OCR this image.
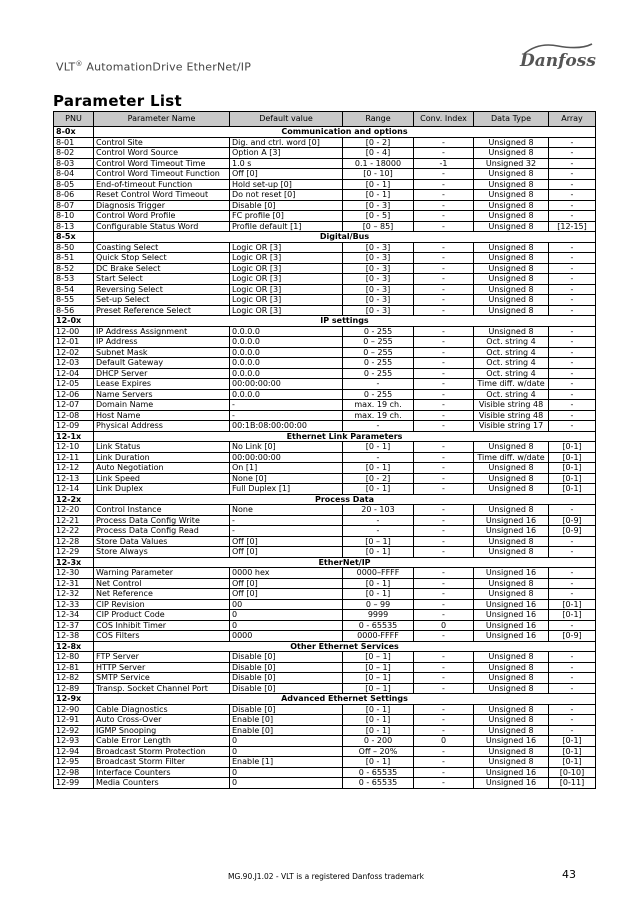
VLT® AutomationDrive EtherNet/IP	Danfoss
Parameter List
PNU	Parameter Name	Default value	Range	Conv. Index	Data Type	Array
8-0x	Communication and options					
8-01	Control Site	Dig. and ctrl. word [0]	[0 - 2]	-	Unsigned 8	-
8-02	Control Word Source	Option A [3]	[0 - 4]	-	Unsigned 8	-
8-03	Control Word Timeout Time	1.0 s	0.1 - 18000	-1	Unsigned 32	-
8-04	Control Word Timeout Function	Off [0]	[0 - 10]	-	Unsigned 8	-
8-05	End-of-timeout Function	Hold set-up [0]	[0 - 1]	-	Unsigned 8	-
8-06	Reset Control Word Timeout	Do not reset [0]	[0 - 1]	-	Unsigned 8	-
8-07	Diagnosis Trigger	Disable [0]	[0 - 3]	-	Unsigned 8	-
8-10	Control Word Profile	FC profile [0]	[0 - 5]	-	Unsigned 8	-
8-13	Configurable Status Word	Profile default [1]	[0 – 85]	-	Unsigned 8	[12-15]
8-5x	Digital/Bus					
8-50	Coasting Select	Logic OR [3]	[0 - 3]	-	Unsigned 8	-
8-51	Quick Stop Select	Logic OR [3]	[0 - 3]	-	Unsigned 8	-
8-52	DC Brake Select	Logic OR [3]	[0 - 3]	-	Unsigned 8	-
8-53	Start Select	Logic OR [3]	[0 - 3]	-	Unsigned 8	-
8-54	Reversing Select	Logic OR [3]	[0 - 3]	-	Unsigned 8	-
8-55	Set-up Select	Logic OR [3]	[0 - 3]	-	Unsigned 8	-
8-56	Preset Reference Select	Logic OR [3]	[0 - 3]	-	Unsigned 8	-
12-0x	IP settings					
12-00	IP Address Assignment	0.0.0.0	0 - 255	-	Unsigned 8	-
12-01	IP Address	0.0.0.0	0 – 255	-	Oct. string 4	-
12-02	Subnet Mask	0.0.0.0	0 – 255	-	Oct. string 4	-
12-03	Default Gateway	0.0.0.0	0 - 255	-	Oct. string 4	-
12-04	DHCP Server	0.0.0.0	0 - 255	-	Oct. string 4	-
12-05	Lease Expires	00:00:00:00	-	-	Time diff. w/date	-
12-06	Name Servers	0.0.0.0	0 - 255	-	Oct. string 4	-
12-07	Domain Name	-	max. 19 ch.	-	Visible string 48	-
12-08	Host Name	-	max. 19 ch.	-	Visible string 48	-
12-09	Physical Address	00:1B:08:00:00:00	-	-	Visible string 17	-
12-1x	Ethernet Link Parameters					
12-10	Link Status	No Link [0]	[0 - 1]	-	Unsigned 8	[0-1]
12-11	Link Duration	00:00:00:00	-	-	Time diff. w/date	[0-1]
12-12	Auto Negotiation	On [1]	[0 - 1]	-	Unsigned 8	[0-1]
12-13	Link Speed	None [0]	[0 - 2]	-	Unsigned 8	[0-1]
12-14	Link Duplex	Full Duplex [1]	[0 - 1]	-	Unsigned 8	[0-1]
12-2x	Process Data					
12-20	Control Instance	None	20 - 103	-	Unsigned 8	-
12-21	Process Data Config Write	-	-	-	Unsigned 16	[0-9]
12-22	Process Data Config Read	-	-	-	Unsigned 16	[0-9]
12-28	Store Data Values	Off [0]	[0 – 1]	-	Unsigned 8	-
12-29	Store Always	Off [0]	[0 - 1]	-	Unsigned 8	-
12-3x	EtherNet/IP					
12-30	Warning Parameter	0000 hex	0000–FFFF	-	Unsigned 16	-
12-31	Net Control	Off [0]	[0 - 1]	-	Unsigned 8	-
12-32	Net Reference	Off [0]	[0 - 1]	-	Unsigned 8	-
12-33	CIP Revision	00	0 – 99	-	Unsigned 16	[0-1]
12-34	CIP Product Code	0	9999	-	Unsigned 16	[0-1]
12-37	COS Inhibit Timer	0	0 - 65535	0	Unsigned 16	-
12-38	COS Filters	0000	0000-FFFF	-	Unsigned 16	[0-9]
12-8x	Other Ethernet Services					
12-80	FTP Server	Disable [0]	[0 – 1]	-	Unsigned 8	-
12-81	HTTP Server	Disable [0]	[0 – 1]	-	Unsigned 8	-
12-82	SMTP Service	Disable [0]	[0 – 1]	-	Unsigned 8	-
12-89	Transp. Socket Channel Port	Disable [0]	[0 – 1]	-	Unsigned 8	-
12-9x	Advanced Ethernet Settings					
12-90	Cable Diagnostics	Disable [0]	[0 - 1]	-	Unsigned 8	-
12-91	Auto Cross-Over	Enable [0]	[0 - 1]	-	Unsigned 8	-
12-92	IGMP Snooping	Enable [0]	[0 - 1]	-	Unsigned 8	-
12-93	Cable Error Length	0	0 - 200	0	Unsigned 16	[0-1]
12-94	Broadcast Storm Protection	0	Off – 20%	-	Unsigned 8	[0-1]
12-95	Broadcast Storm Filter	Enable [1]	[0 - 1]	-	Unsigned 8	[0-1]
12-98	Interface Counters	0	0 - 65535	-	Unsigned 16	[0-10]
12-99	Media Counters	0	0 - 65535	-	Unsigned 16	[0-11]
MG.90.J1.02 - VLT is a registered Danfoss trademark	43
